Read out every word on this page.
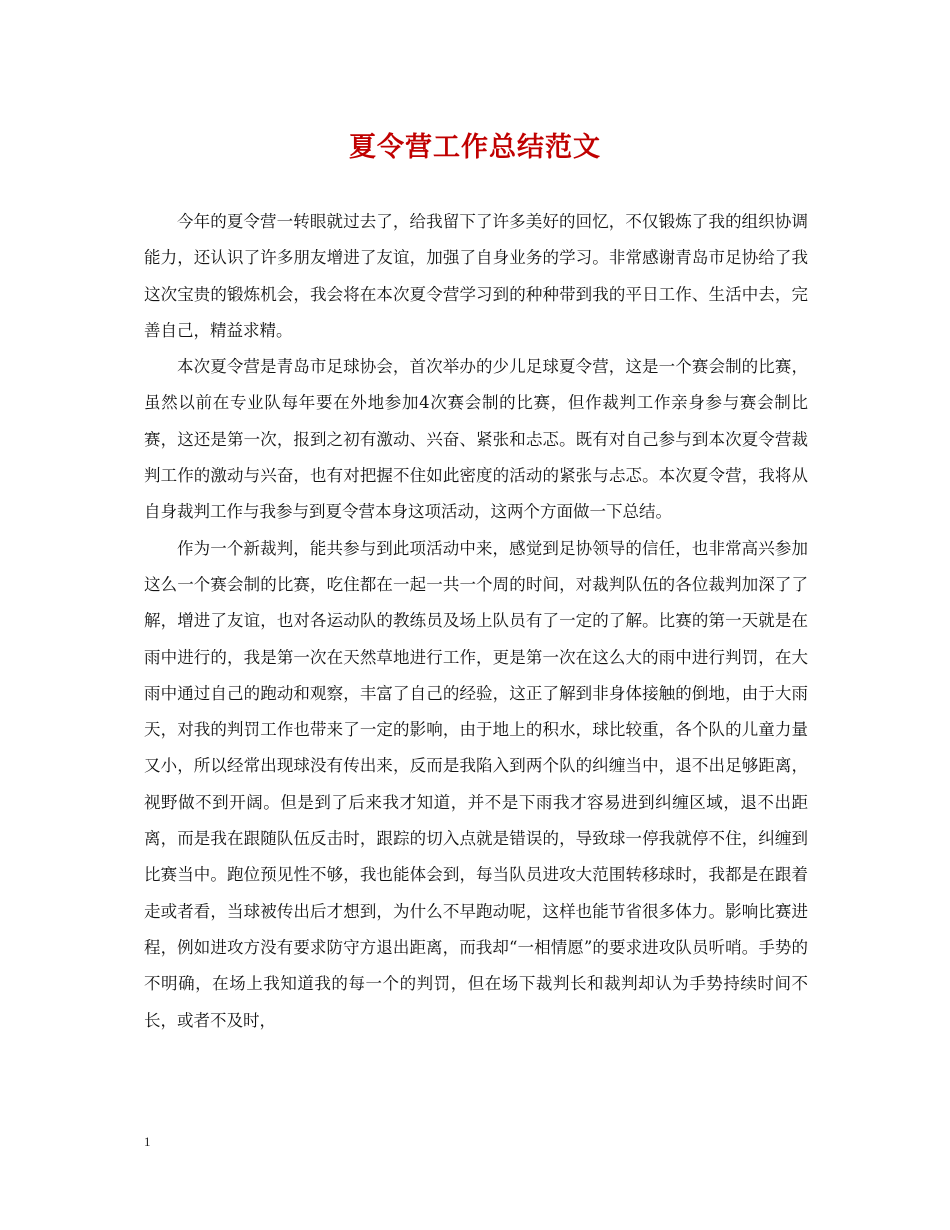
夏令营工作总结范文

今年的夏令营一转眼就过去了，给我留下了许多美好的回忆，不仅锻炼了我的组织协调能力，还认识了许多朋友增进了友谊，加强了自身业务的学习。非常感谢青岛市足协给了我这次宝贵的锻炼机会，我会将在本次夏令营学习到的种种带到我的平日工作、生活中去，完善自己，精益求精。

本次夏令营是青岛市足球协会，首次举办的少儿足球夏令营，这是一个赛会制的比赛，虽然以前在专业队每年要在外地参加4次赛会制的比赛，但作裁判工作亲身参与赛会制比赛，这还是第一次，报到之初有激动、兴奋、紧张和忐忑。既有对自己参与到本次夏令营裁判工作的激动与兴奋，也有对把握不住如此密度的活动的紧张与忐忑。本次夏令营，我将从自身裁判工作与我参与到夏令营本身这项活动，这两个方面做一下总结。

作为一个新裁判，能共参与到此项活动中来，感觉到足协领导的信任，也非常高兴参加这么一个赛会制的比赛，吃住都在一起一共一个周的时间，对裁判队伍的各位裁判加深了了解，增进了友谊，也对各运动队的教练员及场上队员有了一定的了解。比赛的第一天就是在雨中进行的，我是第一次在天然草地进行工作，更是第一次在这么大的雨中进行判罚，在大雨中通过自己的跑动和观察，丰富了自己的经验，这正了解到非身体接触的倒地，由于大雨天，对我的判罚工作也带来了一定的影响，由于地上的积水，球比较重，各个队的儿童力量又小，所以经常出现球没有传出来，反而是我陷入到两个队的纠缠当中，退不出足够距离，视野做不到开阔。但是到了后来我才知道，并不是下雨我才容易进到纠缠区域，退不出距离，而是我在跟随队伍反击时，跟踪的切入点就是错误的，导致球一停我就停不住，纠缠到比赛当中。跑位预见性不够，我也能体会到，每当队员进攻大范围转移球时，我都是在跟着走或者看，当球被传出后才想到，为什么不早跑动呢，这样也能节省很多体力。影响比赛进程，例如进攻方没有要求防守方退出距离，而我却“一相情愿”的要求进攻队员听哨。手势的不明确，在场上我知道我的每一个的判罚，但在场下裁判长和裁判却认为手势持续时间不长，或者不及时，

1
